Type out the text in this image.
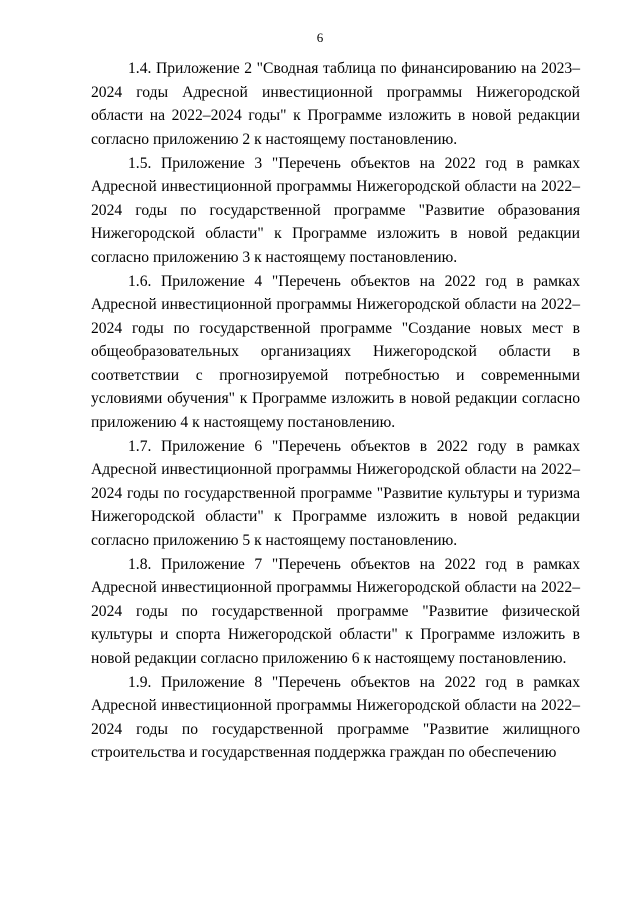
6

1.4. Приложение 2 "Сводная таблица по финансированию на 2023– 2024 годы Адресной инвестиционной программы Нижегородской области на 2022–2024 годы" к Программе изложить в новой редакции согласно приложению 2 к настоящему постановлению.

1.5. Приложение 3 "Перечень объектов на 2022 год в рамках Адресной инвестиционной программы Нижегородской области на 2022–2024 годы по государственной программе "Развитие образования Нижегородской области" к Программе изложить в новой редакции согласно приложению 3 к настоящему постановлению.

1.6. Приложение 4 "Перечень объектов на 2022 год в рамках Адресной инвестиционной программы Нижегородской области на 2022–2024 годы по государственной программе "Создание новых мест в общеобразовательных организациях Нижегородской области в соответствии с прогнозируемой потребностью и современными условиями обучения" к Программе изложить в новой редакции согласно приложению 4 к настоящему постановлению.

1.7. Приложение 6 "Перечень объектов в 2022 году в рамках Адресной инвестиционной программы Нижегородской области на 2022–2024 годы по государственной программе "Развитие культуры и туризма Нижегородской области" к Программе изложить в новой редакции согласно приложению 5 к настоящему постановлению.

1.8. Приложение 7 "Перечень объектов на 2022 год в рамках Адресной инвестиционной программы Нижегородской области на 2022–2024 годы по государственной программе "Развитие физической культуры и спорта Нижегородской области" к Программе изложить в новой редакции согласно приложению 6 к настоящему постановлению.

1.9. Приложение 8 "Перечень объектов на 2022 год в рамках Адресной инвестиционной программы Нижегородской области на 2022–2024 годы по государственной программе "Развитие жилищного строительства и государственная поддержка граждан по обеспечению
